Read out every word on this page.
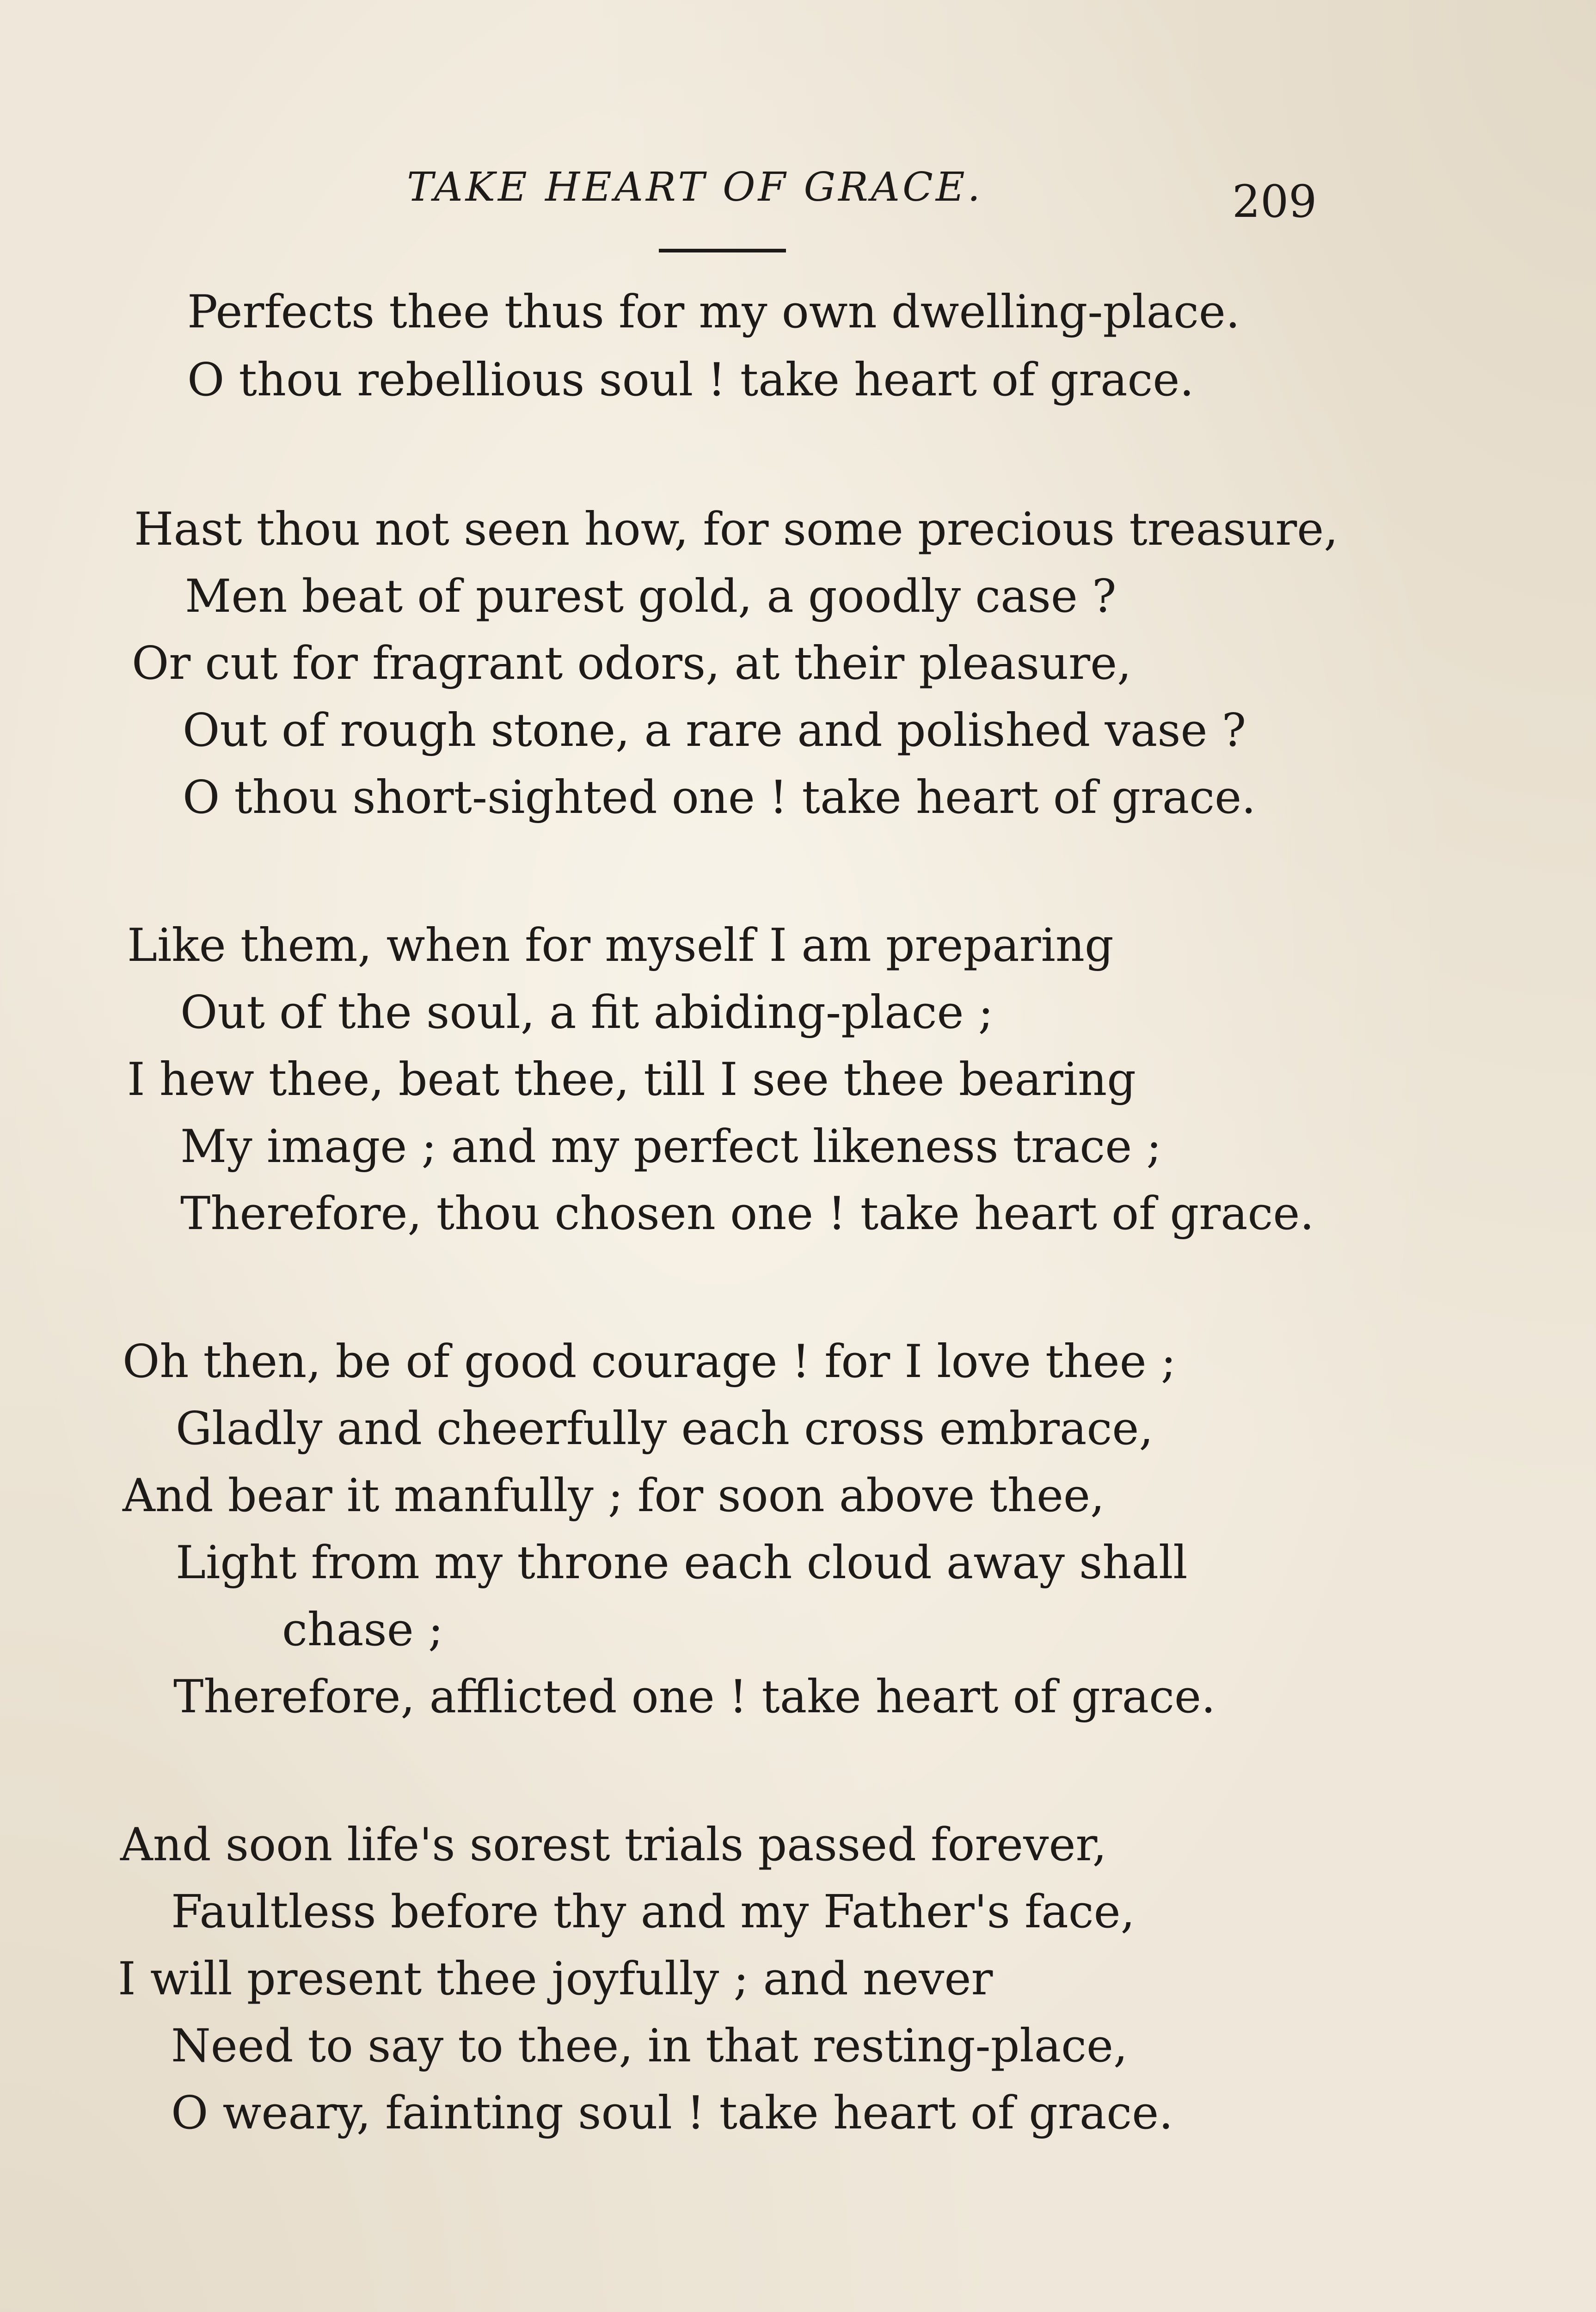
TAKE HEART OF GRACE.	209
Perfects thee thus for my own dwelling-place.
O thou rebellious soul ! take heart of grace.
Hast thou not seen how, for some precious treasure,
Men beat of purest gold, a goodly case ?
Or cut for fragrant odors, at their pleasure,
Out of rough stone, a rare and polished vase ?
O thou short-sighted one ! take heart of grace.
Like them, when for myself I am preparing
Out of the soul, a fit abiding-place ;
I hew thee, beat thee, till I see thee bearing
My image ; and my perfect likeness trace ;
Therefore, thou chosen one ! take heart of grace.
Oh then, be of good courage ! for I love thee ;
Gladly and cheerfully each cross embrace,
And bear it manfully ; for soon above thee,
Light from my throne each cloud away shall
chase ;
Therefore, afflicted one ! take heart of grace.
And soon life's sorest trials passed forever,
Faultless before thy and my Father's face,
I will present thee joyfully ; and never
Need to say to thee, in that resting-place,
O weary, fainting soul ! take heart of grace.
